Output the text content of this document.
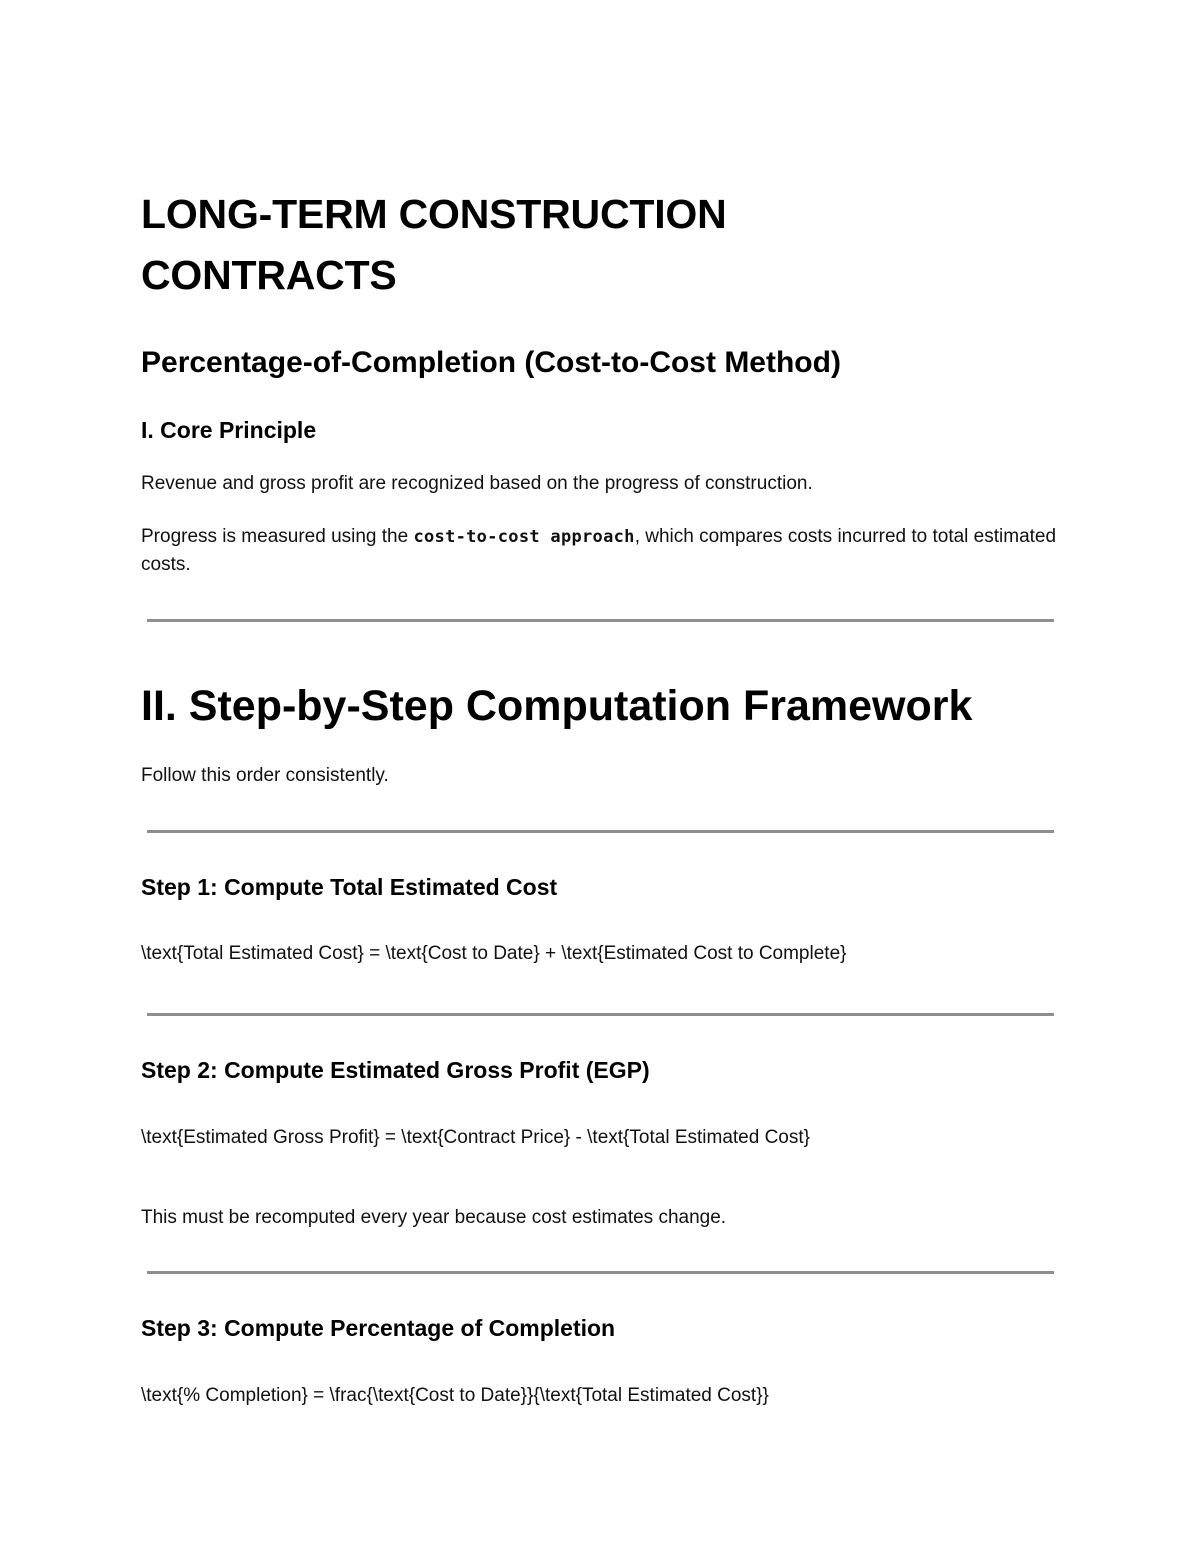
LONG-TERM CONSTRUCTION
CONTRACTS
Percentage-of-Completion (Cost-to-Cost Method)
I. Core Principle

Revenue and gross profit are recognized based on the progress of construction.

Progress is measured using the cost-to-cost approach, which compares costs incurred to total estimated costs.

II. Step-by-Step Computation Framework

Follow this order consistently.

Step 1: Compute Total Estimated Cost

\text{Total Estimated Cost} = \text{Cost to Date} + \text{Estimated Cost to Complete}

Step 2: Compute Estimated Gross Profit (EGP)

\text{Estimated Gross Profit} = \text{Contract Price} - \text{Total Estimated Cost}

This must be recomputed every year because cost estimates change.

Step 3: Compute Percentage of Completion

\text{% Completion} = \frac{\text{Cost to Date}}{\text{Total Estimated Cost}}
